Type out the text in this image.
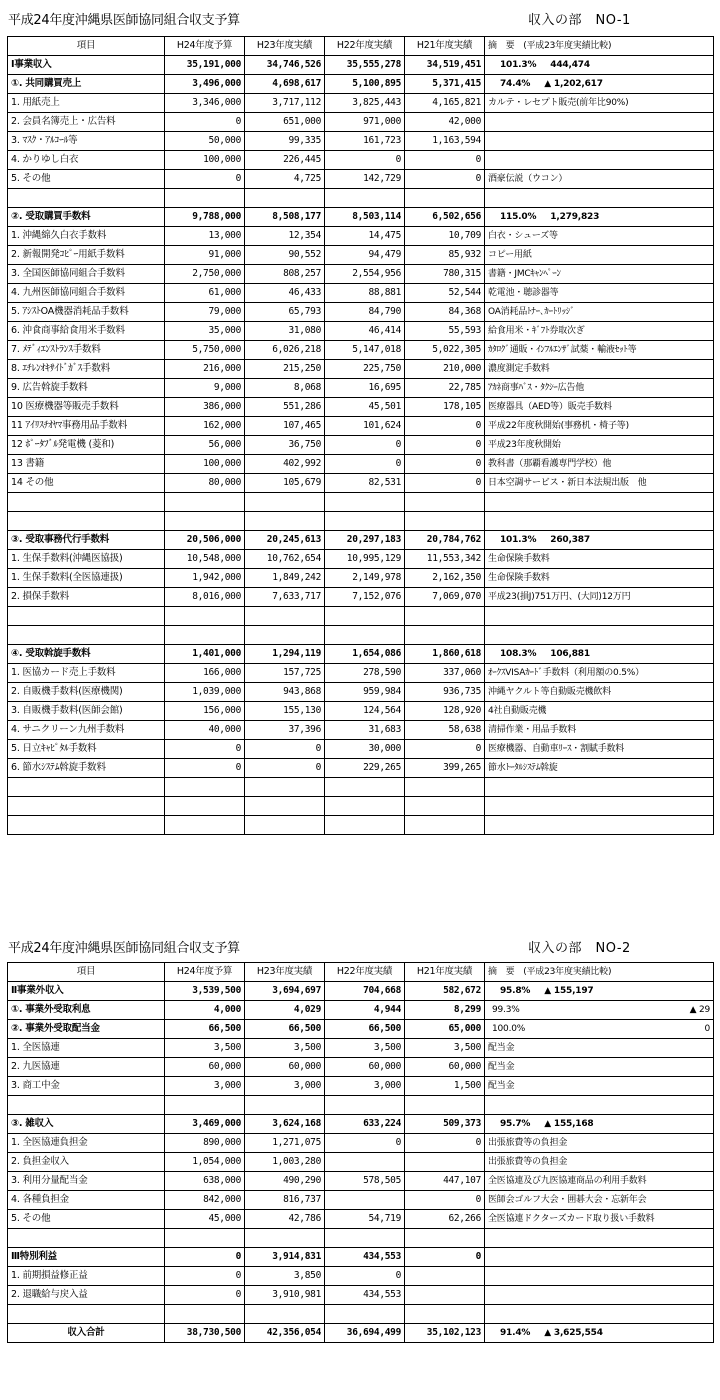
平成24年度沖縄県医師協同組合収支予算	収入の部　NO-1
項目	H24年度予算	H23年度実績	H22年度実績	H21年度実績	摘　要　(平成23年度実績比較)
Ⅰ事業収入	35,191,000	34,746,526	35,555,278	34,519,451	101.3% 444,474
①. 共同購買売上	3,496,000	4,698,617	5,100,895	5,371,415	74.4% ▲ 1,202,617
1. 用紙売上	3,346,000	3,717,112	3,825,443	4,165,821	カルテ・レセプト販売(前年比90%)
2. 会員名簿売上・広告料	0	651,000	971,000	42,000	
3. ﾏｽｸ・ｱﾙｺｰﾙ等	50,000	99,335	161,723	1,163,594	
4. かりゆし白衣	100,000	226,445	0	0	
5. その他	0	4,725	142,729	0	酒豪伝説（ウコン）

②. 受取購買手数料	9,788,000	8,508,177	8,503,114	6,502,656	115.0% 1,279,823
1. 沖縄綿久白衣手数料	13,000	12,354	14,475	10,709	白衣・シューズ等
2. 新報開発ｺﾋﾟｰ用紙手数料	91,000	90,552	94,479	85,932	コピー用紙
3. 全国医師協同組合手数料	2,750,000	808,257	2,554,956	780,315	書籍・JMCｷｬﾝﾍﾟｰﾝ
4. 九州医師協同組合手数料	61,000	46,433	88,881	52,544	乾電池・聴診器等
5. ｱｼｽﾄOA機器消耗品手数料	79,000	65,793	84,790	84,368	OA消耗品ﾄﾅｰ､ｶｰﾄﾘｯｼﾞ
6. 沖食商事給食用米手数料	35,000	31,080	46,414	55,593	給食用米・ｷﾞﾌﾄ券取次ぎ
7. ﾒﾃﾞｨｴﾝｽﾄﾗﾝｽ手数料	5,750,000	6,026,218	5,147,018	5,022,305	ｶﾀﾛｸﾞ通販・ｲﾝﾌﾙｴﾝｻﾞ試薬・輸液ｾｯﾄ等
8. ｴﾁﾚﾝｵｷｻｲﾄﾞｶﾞｽ手数料	216,000	215,250	225,750	210,000	濃度測定手数料
9. 広告斡旋手数料	9,000	8,068	16,695	22,785	ｱｶﾈ商事ﾊﾞｽ・ﾀｸｼｰ広告他
10 医療機器等販売手数料	386,000	551,286	45,501	178,105	医療器具（AED等）販売手数料
11 ｱｲﾘｽﾁｵﾔﾏ事務用品手数料	162,000	107,465	101,624	0	平成22年度秋開始(事務机・椅子等)
12 ﾎﾟｰﾀﾌﾞﾙ発電機 (菱和)	56,000	36,750	0	0	平成23年度秋開始
13 書籍	100,000	402,992	0	0	教科書（那覇看護専門学校）他
14 その他	80,000	105,679	82,531	0	日本空調サービス・新日本法規出版　他

③. 受取事務代行手数料	20,506,000	20,245,613	20,297,183	20,784,762	101.3% 260,387
1. 生保手数料(沖縄医協扱)	10,548,000	10,762,654	10,995,129	11,553,342	生命保険手数料
1. 生保手数料(全医協連扱)	1,942,000	1,849,242	2,149,978	2,162,350	生命保険手数料
2. 損保手数料	8,016,000	7,633,717	7,152,076	7,069,070	平成23(損J)751万円、(大同)12万円

④. 受取斡旋手数料	1,401,000	1,294,119	1,654,086	1,860,618	108.3% 106,881
1. 医協カード売上手数料	166,000	157,725	278,590	337,060	ｵｰｸｽVISAｶｰﾄﾞ手数料（利用額の0.5%）
2. 自販機手数料(医療機関)	1,039,000	943,868	959,984	936,735	沖縄ヤクルト等自動販売機飲料
3. 自販機手数料(医師会館)	156,000	155,130	124,564	128,920	4社自動販売機
4. サニクリーン九州手数料	40,000	37,396	31,683	58,638	清掃作業・用品手数料
5. 日立ｷｬﾋﾟﾀﾙ手数料	0	0	30,000	0	医療機器、自動車ﾘｰｽ・割賦手数料
6. 節水ｼｽﾃﾑ斡旋手数料	0	0	229,265	399,265	節水ﾄｰﾀﾙｼｽﾃﾑ斡旋

平成24年度沖縄県医師協同組合収支予算	収入の部　NO-2
項目	H24年度予算	H23年度実績	H22年度実績	H21年度実績	摘　要　(平成23年度実績比較)
Ⅱ事業外収入	3,539,500	3,694,697	704,668	582,672	95.8% ▲ 155,197
①. 事業外受取利息	4,000	4,029	4,944	8,299	99.3% ▲ 29

②. 事業外受取配当金	66,500	66,500	66,500	65,000	100.0% 0

1. 全医協連	3,500	3,500	3,500	3,500	配当金
2. 九医協連	60,000	60,000	60,000	60,000	配当金
3. 商工中金	3,000	3,000	3,000	1,500	配当金

③. 雑収入	3,469,000	3,624,168	633,224	509,373	95.7% ▲ 155,168
1. 全医協連負担金	890,000	1,271,075	0	0	出張旅費等の負担金
2. 負担金収入	1,054,000	1,003,280			出張旅費等の負担金
3. 利用分量配当金	638,000	490,290	578,505	447,107	全医協連及び九医協連商品の利用手数料
4. 各種負担金	842,000	816,737		0	医師会ゴルフ大会・囲碁大会・忘新年会
5. その他	45,000	42,786	54,719	62,266	全医協連ドクターズカード取り扱い手数料

Ⅲ特別利益	0	3,914,831	434,553	0	
1. 前期損益修正益	0	3,850	0		
2. 退職給与戻入益	0	3,910,981	434,553		

収入合計	38,730,500	42,356,054	36,694,499	35,102,123	91.4% ▲ 3,625,554
